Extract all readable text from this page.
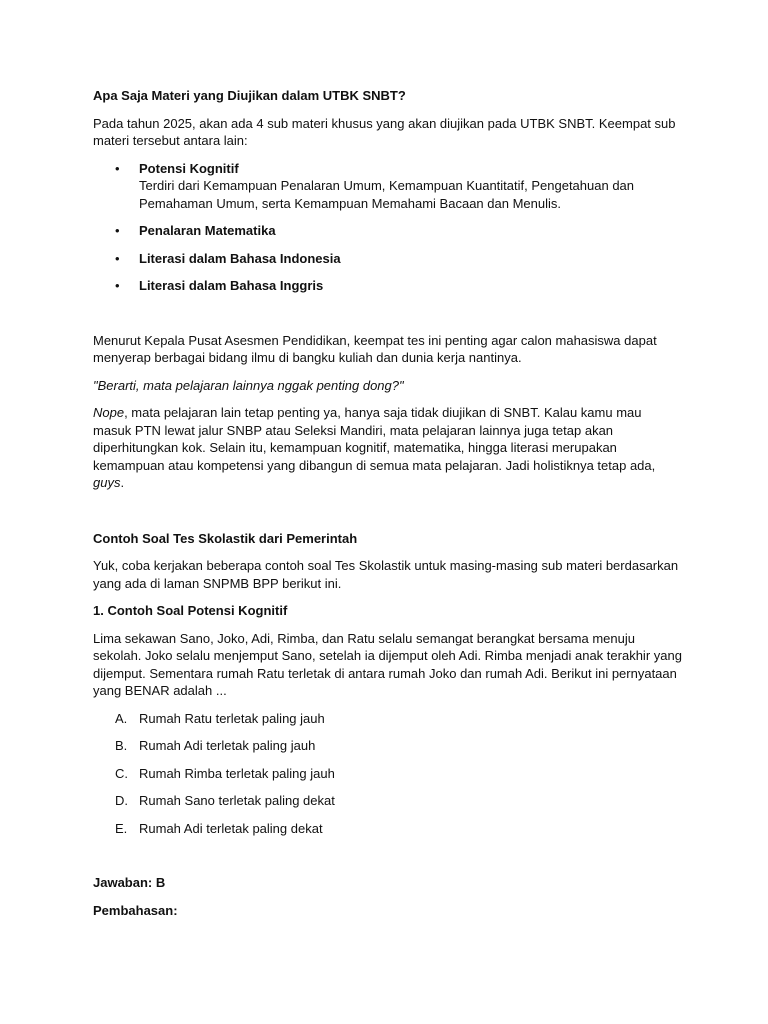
Apa Saja Materi yang Diujikan dalam UTBK SNBT?

Pada tahun 2025, akan ada 4 sub materi khusus yang akan diujikan pada UTBK SNBT. Keempat sub materi tersebut antara lain:

• Potensi Kognitif
Terdiri dari Kemampuan Penalaran Umum, Kemampuan Kuantitatif, Pengetahuan dan Pemahaman Umum, serta Kemampuan Memahami Bacaan dan Menulis.
• Penalaran Matematika
• Literasi dalam Bahasa Indonesia
• Literasi dalam Bahasa Inggris

Menurut Kepala Pusat Asesmen Pendidikan, keempat tes ini penting agar calon mahasiswa dapat menyerap berbagai bidang ilmu di bangku kuliah dan dunia kerja nantinya.

"Berarti, mata pelajaran lainnya nggak penting dong?"

Nope, mata pelajaran lain tetap penting ya, hanya saja tidak diujikan di SNBT. Kalau kamu mau masuk PTN lewat jalur SNBP atau Seleksi Mandiri, mata pelajaran lainnya juga tetap akan diperhitungkan kok. Selain itu, kemampuan kognitif, matematika, hingga literasi merupakan kemampuan atau kompetensi yang dibangun di semua mata pelajaran. Jadi holistiknya tetap ada, guys.

Contoh Soal Tes Skolastik dari Pemerintah

Yuk, coba kerjakan beberapa contoh soal Tes Skolastik untuk masing-masing sub materi berdasarkan yang ada di laman SNPMB BPP berikut ini.

1. Contoh Soal Potensi Kognitif

Lima sekawan Sano, Joko, Adi, Rimba, dan Ratu selalu semangat berangkat bersama menuju sekolah. Joko selalu menjemput Sano, setelah ia dijemput oleh Adi. Rimba menjadi anak terakhir yang dijemput. Sementara rumah Ratu terletak di antara rumah Joko dan rumah Adi. Berikut ini pernyataan yang BENAR adalah ...

A. Rumah Ratu terletak paling jauh
B. Rumah Adi terletak paling jauh
C. Rumah Rimba terletak paling jauh
D. Rumah Sano terletak paling dekat
E. Rumah Adi terletak paling dekat

Jawaban: B

Pembahasan:
